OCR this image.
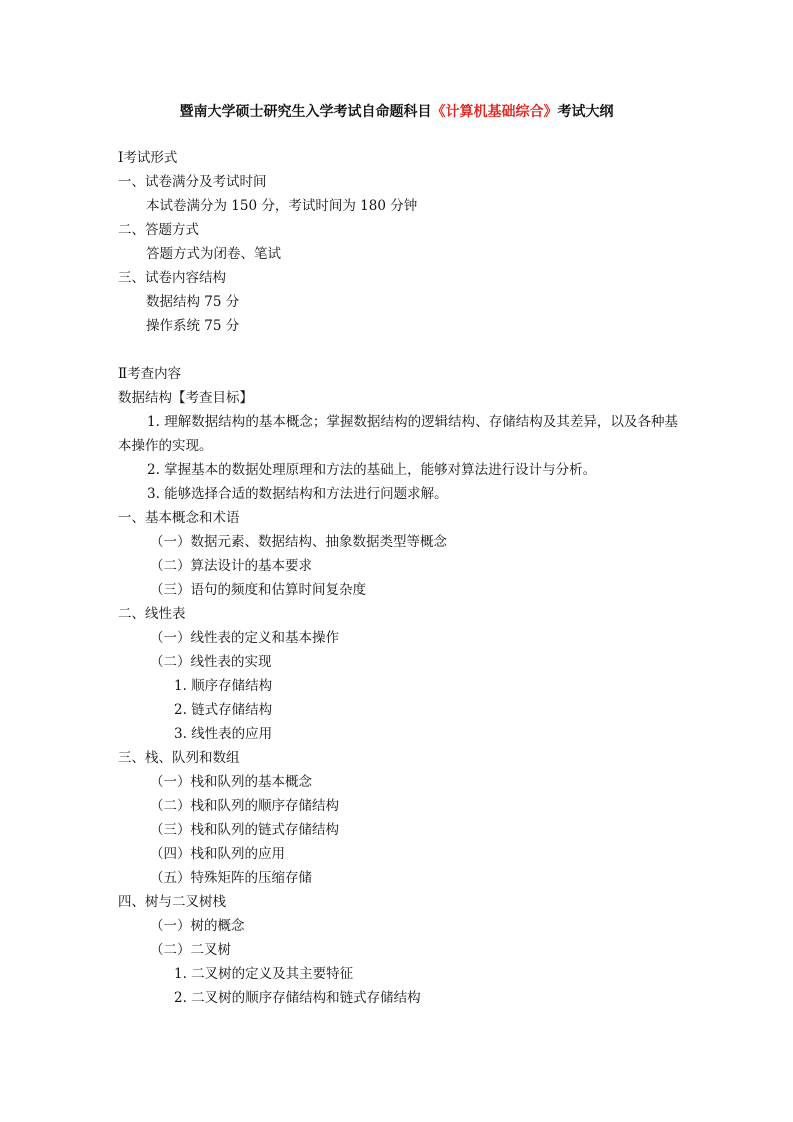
暨南大学硕士研究生入学考试自命题科目《计算机基础综合》考试大纲
Ⅰ考试形式
一、试卷满分及考试时间
本试卷满分为 150 分，考试时间为 180 分钟
二、答题方式
答题方式为闭卷、笔试
三、试卷内容结构
数据结构 75 分
操作系统 75 分
Ⅱ考查内容
数据结构【考查目标】
1. 理解数据结构的基本概念；掌握数据结构的逻辑结构、存储结构及其差异，以及各种基本操作的实现。
2. 掌握基本的数据处理原理和方法的基础上，能够对算法进行设计与分析。
3. 能够选择合适的数据结构和方法进行问题求解。
一、基本概念和术语
（一）数据元素、数据结构、抽象数据类型等概念
（二）算法设计的基本要求
（三）语句的频度和估算时间复杂度
二、线性表
（一）线性表的定义和基本操作
（二）线性表的实现
1. 顺序存储结构
2. 链式存储结构
3. 线性表的应用
三、栈、队列和数组
（一）栈和队列的基本概念
（二）栈和队列的顺序存储结构
（三）栈和队列的链式存储结构
（四）栈和队列的应用
（五）特殊矩阵的压缩存储
四、树与二叉树栈
（一）树的概念
（二）二叉树
1. 二叉树的定义及其主要特征
2. 二叉树的顺序存储结构和链式存储结构
